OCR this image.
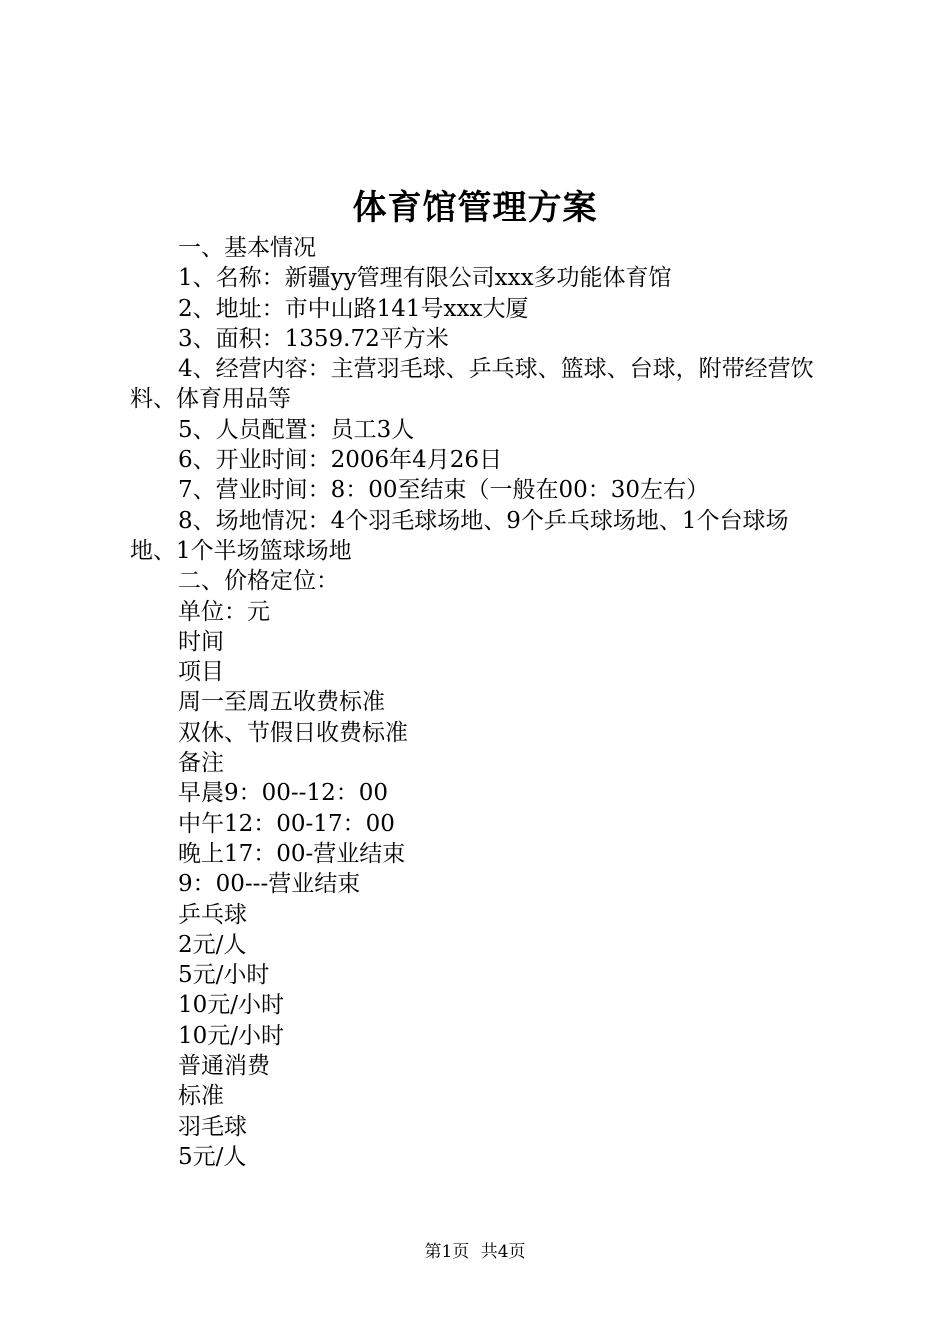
体育馆管理方案

一、基本情况

1、名称：新疆yy管理有限公司xxx多功能体育馆

2、地址：市中山路141号xxx大厦

3、面积：1359.72平方米

4、经营内容：主营羽毛球、乒乓球、篮球、台球，附带经营饮料、体育用品等

5、人员配置：员工3人

6、开业时间：2006年4月26日

7、营业时间：8：00至结束（一般在00：30左右）

8、场地情况：4个羽毛球场地、9个乒乓球场地、1个台球场地、1个半场篮球场地

二、价格定位：

单位：元

时间

项目

周一至周五收费标准

双休、节假日收费标准

备注

早晨9：00--12：00

中午12：00-17：00

晚上17：00-营业结束

9：00---营业结束

乒乓球

2元/人

5元/小时

10元/小时

10元/小时

普通消费

标准

羽毛球

5元/人

第1页 共4页
